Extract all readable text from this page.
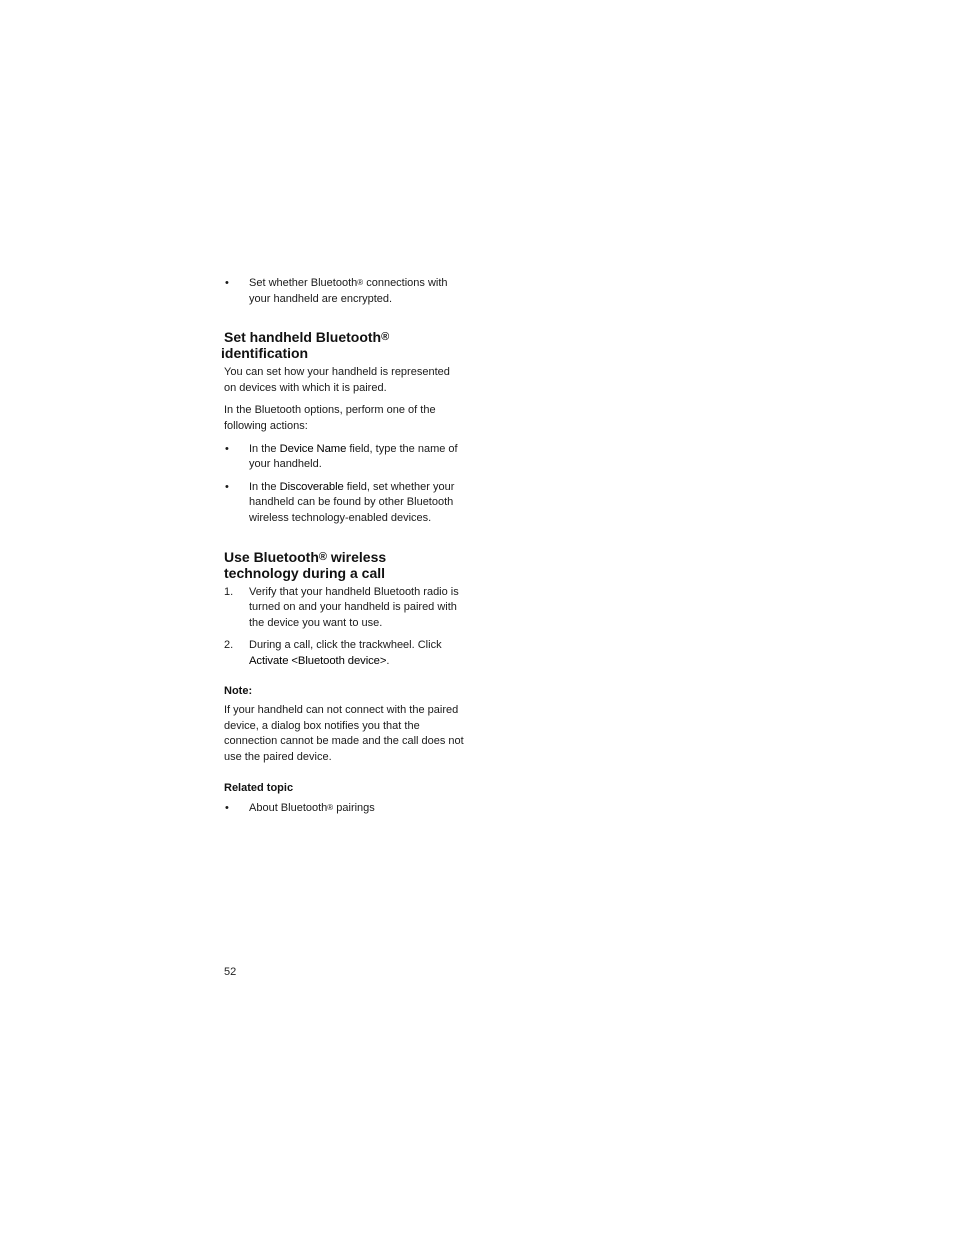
• Set whether Bluetooth® connections with your handheld are encrypted.
Set handheld Bluetooth®
identification

You can set how your handheld is represented on devices with which it is paired.

In the Bluetooth options, perform one of the following actions:

• In the Device Name field, type the name of your handheld.
• In the Discoverable field, set whether your handheld can be found by other Bluetooth wireless technology-enabled devices.
Use Bluetooth® wireless technology during a call
1. Verify that your handheld Bluetooth radio is turned on and your handheld is paired with the device you want to use.
2. During a call, click the trackwheel. Click Activate <Bluetooth device>.
Note:

If your handheld can not connect with the paired device, a dialog box notifies you that the connection cannot be made and the call does not use the paired device.

Related topic
• About Bluetooth® pairings
52
